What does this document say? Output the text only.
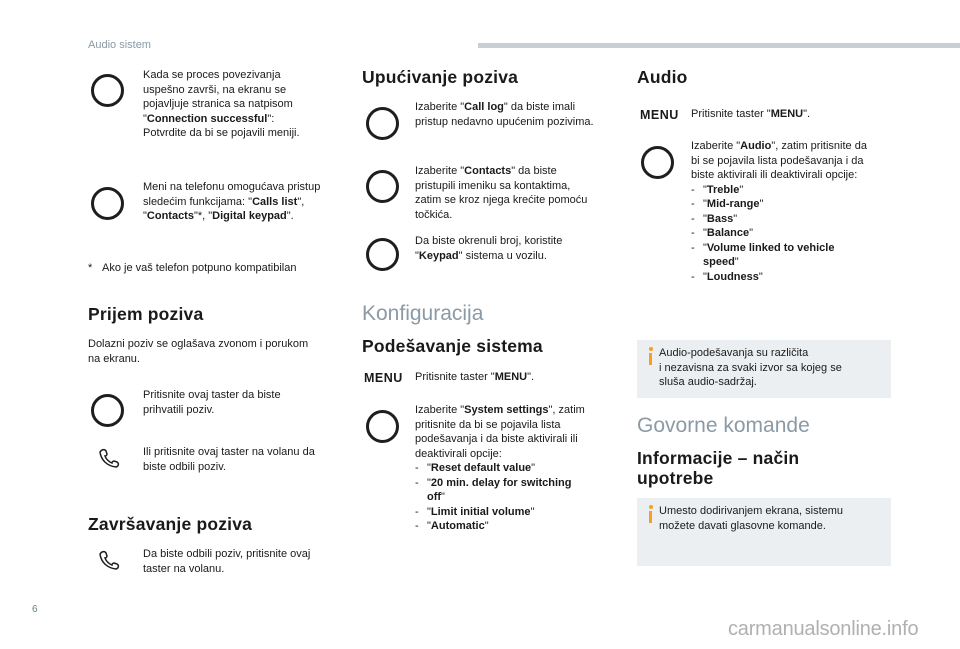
Audio sistem
6
carmanualsonline.info
Kada se proces povezivanja
uspešno završi, na ekranu se
pojavljuje stranica sa natpisom
"Connection successful":
Potvrdite da bi se pojavili meniji.
Meni na telefonu omogućava pristup
sledećim funkcijama: "Calls list",
"Contacts"*, "Digital keypad".
* Ako je vaš telefon potpuno kompatibilan
Prijem poziva
Dolazni poziv se oglašava zvonom i porukom
na ekranu.
Pritisnite ovaj taster da biste
prihvatili poziv.
Ili pritisnite ovaj taster na volanu da
biste odbili poziv.
Završavanje poziva
Da biste odbili poziv, pritisnite ovaj
taster na volanu.
Upućivanje poziva
Izaberite "Call log" da biste imali
pristup nedavno upućenim pozivima.
Izaberite "Contacts" da biste
pristupili imeniku sa kontaktima,
zatim se kroz njega krećite pomoću
točkića.
Da biste okrenuli broj, koristite
"Keypad" sistema u vozilu.
Konfiguracija
Podešavanje sistema
MENU Pritisnite taster "MENU".
Izaberite "System settings", zatim
pritisnite da bi se pojavila lista
podešavanja i da biste aktivirali ili
deaktivirali opcije:
- "Reset default value"
- "20 min. delay for switching
off"
- "Limit initial volume"
- "Automatic"
Audio
MENU Pritisnite taster "MENU".
Izaberite "Audio", zatim pritisnite da
bi se pojavila lista podešavanja i da
biste aktivirali ili deaktivirali opcije:
- "Treble"
- "Mid-range"
- "Bass"
- "Balance"
- "Volume linked to vehicle
speed"
- "Loudness"
Audio-podešavanja su različita
i nezavisna za svaki izvor sa kojeg se
sluša audio-sadržaj.
Govorne komande
Informacije – način
upotrebe
Umesto dodirivanjem ekrana, sistemu
možete davati glasovne komande.
